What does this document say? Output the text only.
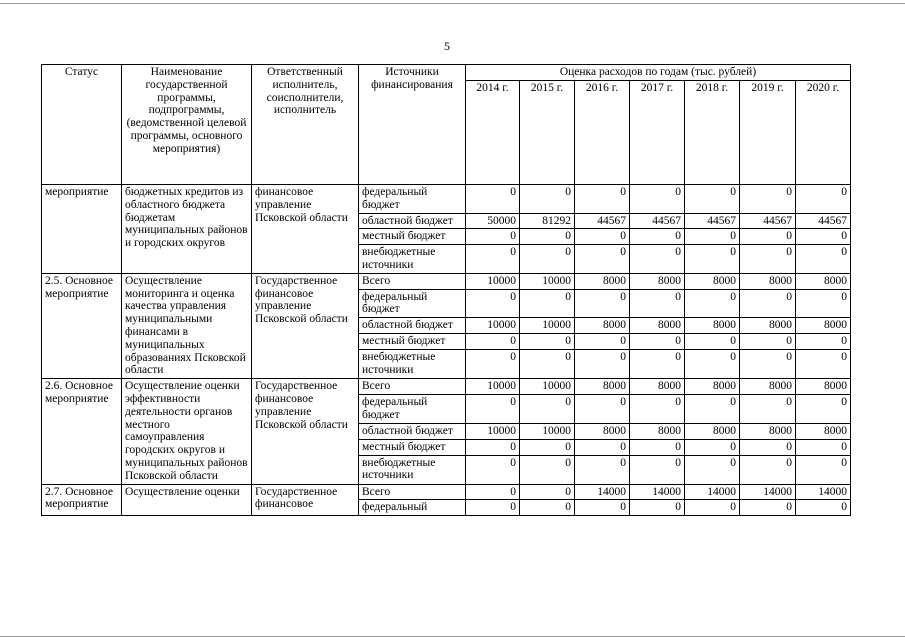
5
Статус	Наименование государственной программы, подпрограммы, (ведомственной целевой программы, основного мероприятия)	Ответственный исполнитель, соисполнители, исполнитель	Источники финансирования	Оценка расходов по годам (тыс. рублей)						
				2014 г.	2015 г.	2016 г.	2017 г.	2018 г.	2019 г.	2020 г.
мероприятие	бюджетных кредитов из областного бюджета бюджетам муниципальных районов и городских округов	финансовое управление Псковской области	федеральный бюджет	0	0	0	0	0	0	0
			областной бюджет	50000	81292	44567	44567	44567	44567	44567
			местный бюджет	0	0	0	0	0	0	0
			внебюджетные источники	0	0	0	0	0	0	0
2.5. Основное мероприятие	Осуществление мониторинга и оценка качества управления муниципальными финансами в муниципальных образованиях Псковской области	Государственное финансовое управление Псковской области	Всего	10000	10000	8000	8000	8000	8000	8000
			федеральный бюджет	0	0	0	0	0	0	0
			областной бюджет	10000	10000	8000	8000	8000	8000	8000
			местный бюджет	0	0	0	0	0	0	0
			внебюджетные источники	0	0	0	0	0	0	0
2.6. Основное мероприятие	Осуществление оценки эффективности деятельности органов местного самоуправления городских округов и муниципальных районов Псковской области	Государственное финансовое управление Псковской области	Всего	10000	10000	8000	8000	8000	8000	8000
			федеральный бюджет	0	0	0	0	0	0	0
			областной бюджет	10000	10000	8000	8000	8000	8000	8000
			местный бюджет	0	0	0	0	0	0	0
			внебюджетные источники	0	0	0	0	0	0	0
2.7. Основное мероприятие	Осуществление оценки	Государственное финансовое	Всего	0	0	14000	14000	14000	14000	14000
			федеральный	0	0	0	0	0	0	0
